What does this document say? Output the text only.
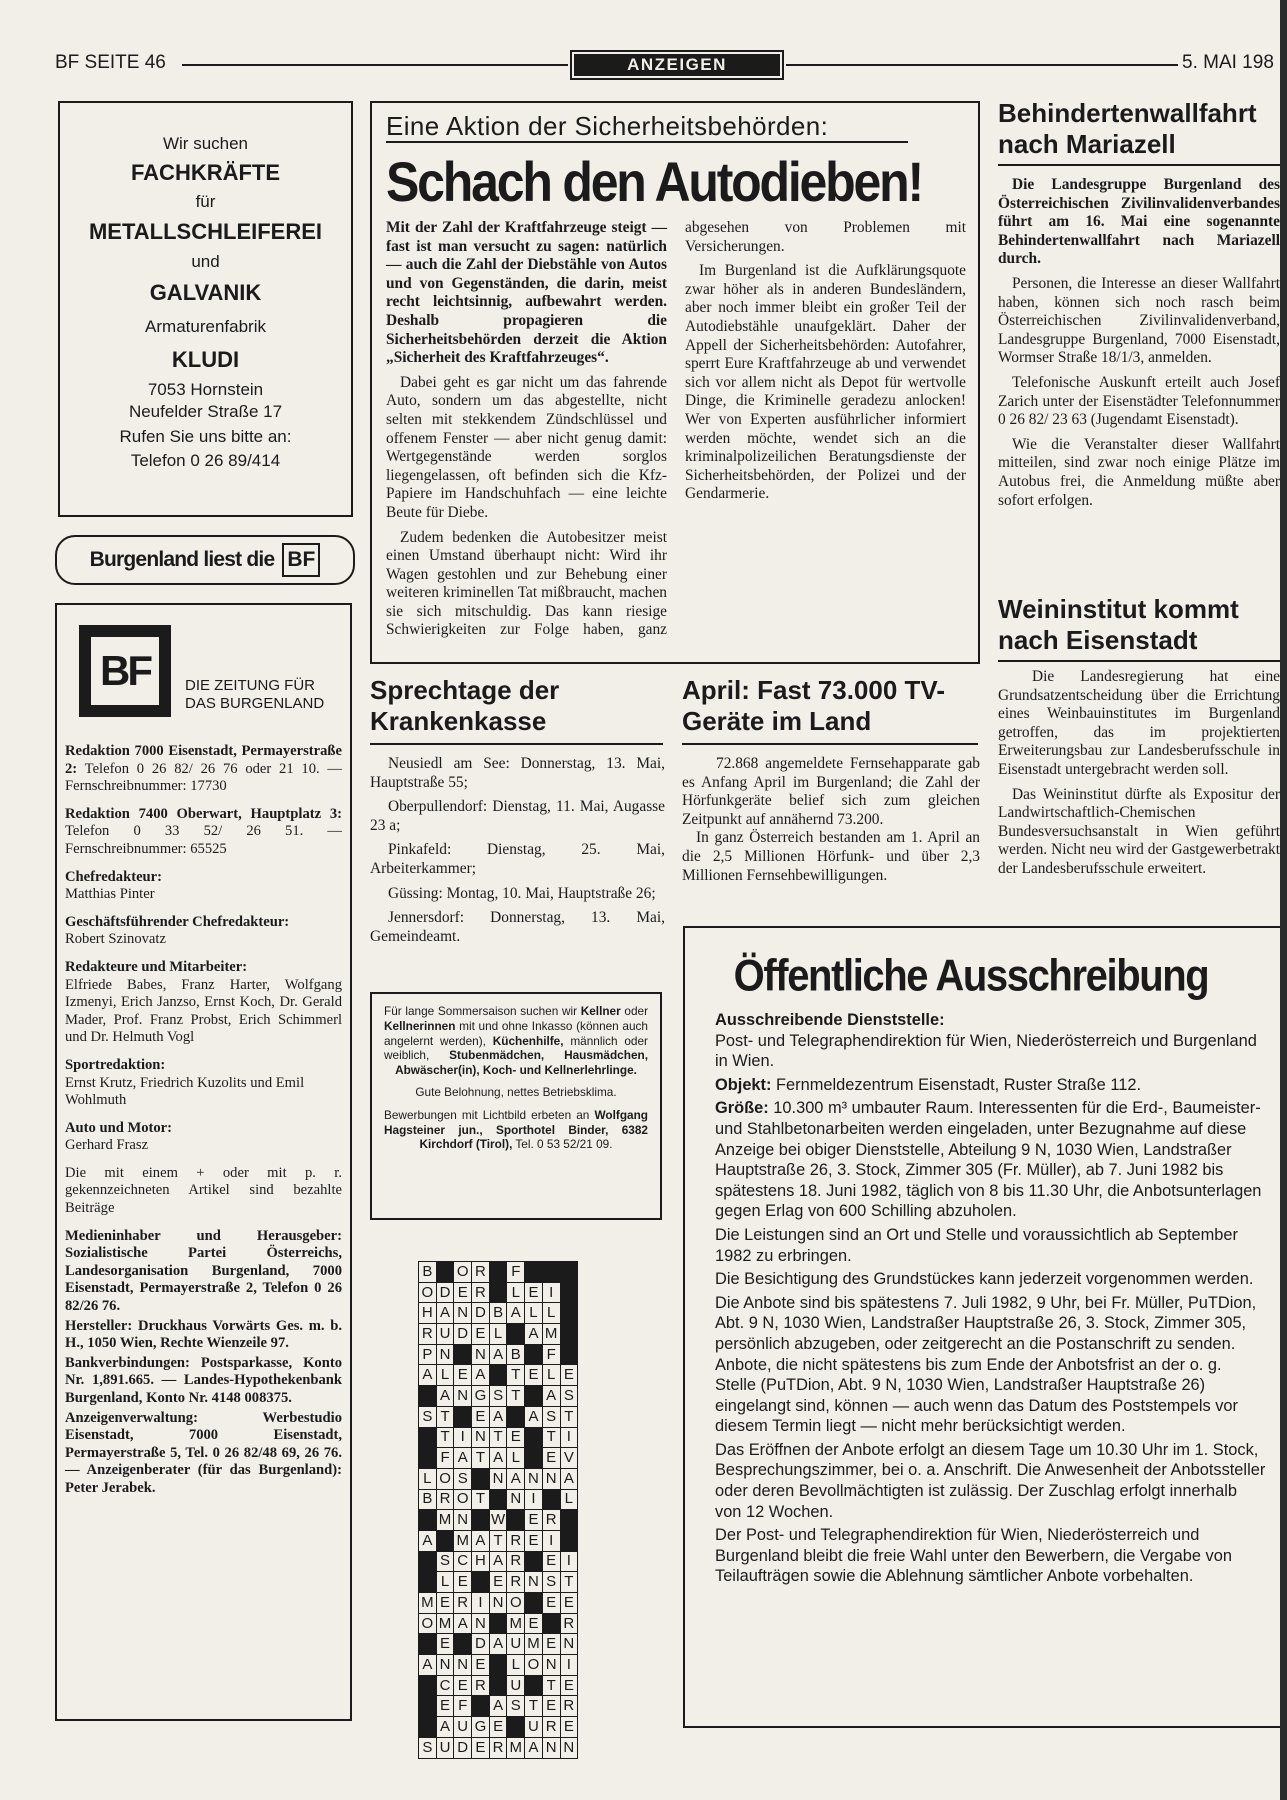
BF SEITE 46	ANZEIGEN	5. MAI 198
Wir suchen
FACHKRÄFTE
für
METALLSCHLEIFEREI
und
GALVANIK
Armaturenfabrik
KLUDI
7053 Hornstein
Neufelder Straße 17
Rufen Sie uns bitte an:
Telefon 0 26 89/414
Burgenland liest die BF
BF DIE ZEITUNG FÜR
DAS BURGENLAND
Redaktion 7000 Eisenstadt, Permayerstraße 2: Telefon 0 26 82/ 26 76 oder 21 10. — Fernschreibnummer: 17730
Redaktion 7400 Oberwart, Hauptplatz 3: Telefon 0 33 52/ 26 51. — Fernschreibnummer: 65525
Chefredakteur:
Matthias Pinter
Geschäftsführender Chefredakteur:
Robert Szinovatz
Redakteure und Mitarbeiter:
Elfriede Babes, Franz Harter, Wolfgang Izmenyi, Erich Janzso, Ernst Koch, Dr. Gerald Mader, Prof. Franz Probst, Erich Schimmerl und Dr. Helmuth Vogl
Sportredaktion:
Ernst Krutz, Friedrich Kuzolits und Emil Wohlmuth
Auto und Motor:
Gerhard Frasz
Die mit einem + oder mit p. r. gekennzeichneten Artikel sind bezahlte Beiträge
Medieninhaber und Herausgeber: Sozialistische Partei Österreichs, Landesorganisation Burgenland, 7000 Eisenstadt, Permayerstraße 2, Telefon 0 26 82/26 76.
Hersteller: Druckhaus Vorwärts Ges. m. b. H., 1050 Wien, Rechte Wienzeile 97.
Bankverbindungen: Postsparkasse, Konto Nr. 1,891.665. — Landes-Hypothekenbank Burgenland, Konto Nr. 4148 008375.
Anzeigenverwaltung: Werbestudio Eisenstadt, 7000 Eisenstadt, Permayerstraße 5, Tel. 0 26 82/48 69, 26 76. — Anzeigenberater (für das Burgenland): Peter Jerabek.
Eine Aktion der Sicherheitsbehörden:
Schach den Autodieben!
Mit der Zahl der Kraftfahrzeuge steigt — fast ist man versucht zu sagen: natürlich — auch die Zahl der Diebstähle von Autos und von Gegenständen, die darin, meist recht leichtsinnig, aufbewahrt werden. Deshalb propagieren die Sicherheitsbehörden derzeit die Aktion „Sicherheit des Kraftfahrzeuges“.
Dabei geht es gar nicht um das fahrende Auto, sondern um das abgestellte, nicht selten mit stekkendem Zündschlüssel und offenem Fenster — aber nicht genug damit: Wertgegenstände werden sorglos liegengelassen, oft befinden sich die Kfz-Papiere im Handschuhfach — eine leichte Beute für Diebe.
Zudem bedenken die Autobesitzer meist einen Umstand überhaupt nicht: Wird ihr Wagen gestohlen und zur Behebung einer weiteren kriminellen Tat mißbraucht, machen sie sich mitschuldig. Das kann riesige Schwierigkeiten zur Folge haben, ganz abgesehen von Problemen mit Versicherungen.
Im Burgenland ist die Aufklärungsquote zwar höher als in anderen Bundesländern, aber noch immer bleibt ein großer Teil der Autodiebstähle unaufgeklärt. Daher der Appell der Sicherheitsbehörden: Autofahrer, sperrt Eure Kraftfahrzeuge ab und verwendet sich vor allem nicht als Depot für wertvolle Dinge, die Kriminelle geradezu anlocken! Wer von Experten ausführlicher informiert werden möchte, wendet sich an die kriminalpolizeilichen Beratungsdienste der Sicherheitsbehörden, der Polizei und der Gendarmerie.
Behindertenwallfahrt nach Mariazell
Die Landesgruppe Burgenland des Österreichischen Zivilinvalidenverbandes führt am 16. Mai eine sogenannte Behindertenwallfahrt nach Mariazell durch.
Personen, die Interesse an dieser Wallfahrt haben, können sich noch rasch beim Österreichischen Zivilinvalidenverband, Landesgruppe Burgenland, 7000 Eisenstadt, Wormser Straße 18/1/3, anmelden.
Telefonische Auskunft erteilt auch Josef Zarich unter der Eisenstädter Telefonnummer 0 26 82/ 23 63 (Jugendamt Eisenstadt).
Wie die Veranstalter dieser Wallfahrt mitteilen, sind zwar noch einige Plätze im Autobus frei, die Anmeldung müßte aber sofort erfolgen.
Weininstitut kommt nach Eisenstadt
Die Landesregierung hat eine Grundsatzentscheidung über die Errichtung eines Weinbauinstitutes im Burgenland getroffen, das im projektierten Erweiterungsbau zur Landesberufsschule in Eisenstadt untergebracht werden soll.
Das Weininstitut dürfte als Expositur der Landwirtschaftlich-Chemischen Bundesversuchsanstalt in Wien geführt werden. Nicht neu wird der Gastgewerbetrakt der Landesberufsschule erweitert.
Sprechtage der Krankenkasse
Neusiedl am See: Donnerstag, 13. Mai, Hauptstraße 55;
Oberpullendorf: Dienstag, 11. Mai, Augasse 23 a;
Pinkafeld: Dienstag, 25. Mai, Arbeiterkammer;
Güssing: Montag, 10. Mai, Hauptstraße 26;
Jennersdorf: Donnerstag, 13. Mai, Gemeindeamt.
April: Fast 73.000 TV-Geräte im Land
72.868 angemeldete Fernsehapparate gab es Anfang April im Burgenland; die Zahl der Hörfunkgeräte belief sich zum gleichen Zeitpunkt auf annähernd 73.200.
In ganz Österreich bestanden am 1. April an die 2,5 Millionen Hörfunk- und über 2,3 Millionen Fernsehbewilligungen.
Für lange Sommersaison suchen wir Kellner oder Kellnerinnen mit und ohne Inkasso (können auch angelernt werden), Küchenhilfe, männlich oder weiblich, Stubenmädchen, Hausmädchen, Abwäscher(in), Koch- und Kellnerlehrlinge.
Gute Belohnung, nettes Betriebsklima.
Bewerbungen mit Lichtbild erbeten an Wolfgang Hagsteiner jun., Sporthotel Binder, 6382 Kirchdorf (Tirol), Tel. 0 53 52/21 09.
B		O	R		F			
O	D	E	R		L	E	I	
H	A	N	D	B	A	L	L	
R	U	D	E	L		A	M	
P	N		N	A	B		F	
A	L	E	A		T	E	L	E
	A	N	G	S	T		A	S
S	T		E	A		A	S	T
	T	I	N	T	E		T	I
	F	A	T	A	L		E	V
L	O	S		N	A	N	N	A
B	R	O	T		N	I		L
	M	N		W		E	R	
A		M	A	T	R	E	I	
	S	C	H	A	R		E	I
	L	E		E	R	N	S	T
M	E	R	I	N	O		E	E
O	M	A	N		M	E		R
	E		D	A	U	M	E	N
A	N	N	E		L	O	N	I
	C	E	R		U		T	E
	E	F		A	S	T	E	R
	A	U	G	E		U	R	E
S	U	D	E	R	M	A	N	N
Öffentliche Ausschreibung
Ausschreibende Dienststelle:
Post- und Telegraphendirektion für Wien, Niederösterreich und Burgenland in Wien.
Objekt: Fernmeldezentrum Eisenstadt, Ruster Straße 112.
Größe: 10.300 m³ umbauter Raum. Interessenten für die Erd-, Baumeister- und Stahlbetonarbeiten werden eingeladen, unter Bezugnahme auf diese Anzeige bei obiger Dienststelle, Abteilung 9 N, 1030 Wien, Landstraßer Hauptstraße 26, 3. Stock, Zimmer 305 (Fr. Müller), ab 7. Juni 1982 bis spätestens 18. Juni 1982, täglich von 8 bis 11.30 Uhr, die Anbotsunterlagen gegen Erlag von 600 Schilling abzuholen.
Die Leistungen sind an Ort und Stelle und voraussichtlich ab September 1982 zu erbringen.
Die Besichtigung des Grundstückes kann jederzeit vorgenommen werden.
Die Anbote sind bis spätestens 7. Juli 1982, 9 Uhr, bei Fr. Müller, PuTDion, Abt. 9 N, 1030 Wien, Landstraßer Hauptstraße 26, 3. Stock, Zimmer 305, persönlich abzugeben, oder zeitgerecht an die Postanschrift zu senden. Anbote, die nicht spätestens bis zum Ende der Anbotsfrist an der o. g. Stelle (PuTDion, Abt. 9 N, 1030 Wien, Landstraßer Hauptstraße 26) eingelangt sind, können — auch wenn das Datum des Poststempels vor diesem Termin liegt — nicht mehr berücksichtigt werden.
Das Eröffnen der Anbote erfolgt an diesem Tage um 10.30 Uhr im 1. Stock, Besprechungszimmer, bei o. a. Anschrift. Die Anwesenheit der Anbotssteller oder deren Bevollmächtigten ist zulässig. Der Zuschlag erfolgt innerhalb von 12 Wochen.
Der Post- und Telegraphendirektion für Wien, Niederösterreich und Burgenland bleibt die freie Wahl unter den Bewerbern, die Vergabe von Teilaufträgen sowie die Ablehnung sämtlicher Anbote vorbehalten.
